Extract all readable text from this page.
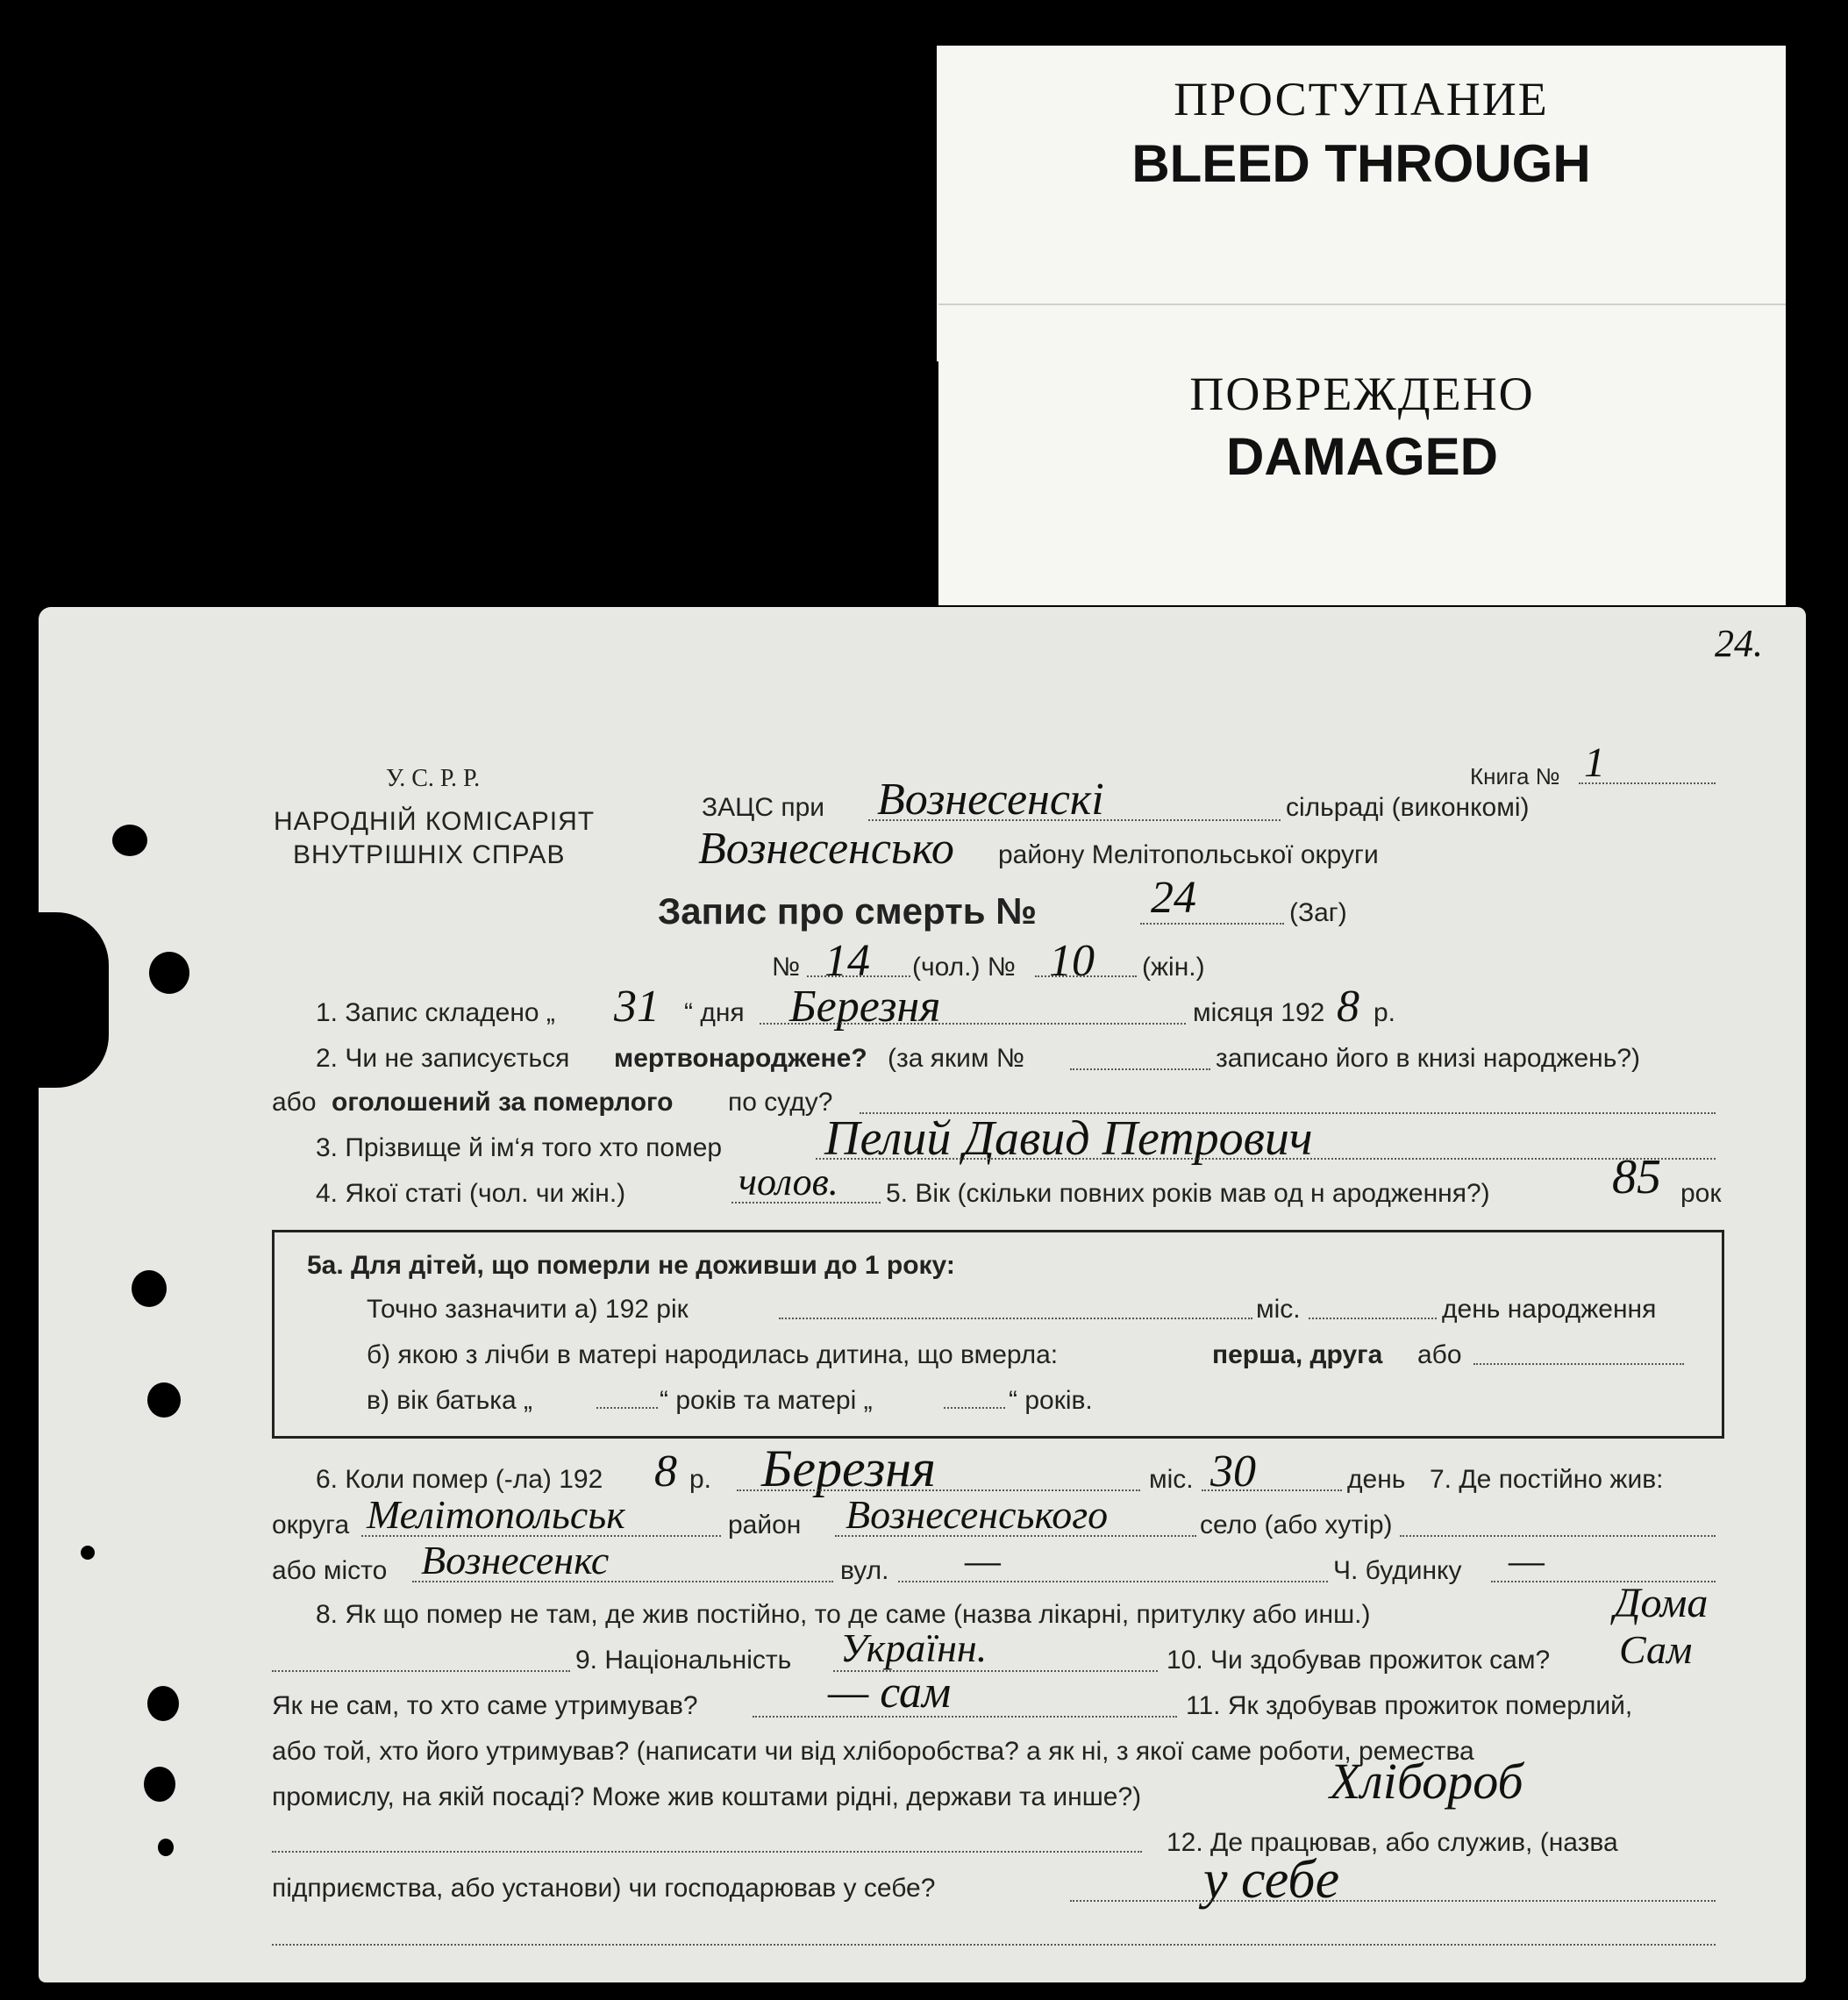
ПРОСТУПАНИЕ
BLEED THROUGH
ПОВРЕЖДЕНО
DAMAGED
24.
У. С. Р. Р.
НАРОДНІЙ КОМІСАРІЯТ
ВНУТРІШНІХ СПРАВ
Книга № 1
ЗАЦС при Вознесенскі	сільраді (виконкомі)
Вознесенсько району Мелітопольської округи
Запис про смерть №	24	(Заг)
№ 14 (чол.) № 10 (жін.)
1. Запис складено „ 31 “ дня Березня	місяця 192 8 р.
2. Чи не записується мертвонароджене? (за яким №	записано його в книзі народжень?)
або оголошений за померлого по суду?
3. Прізвище й ім‘я того хто помер Пелий Давид Петрович
4. Якої статі (чол. чи жін.)	чолов. 5. Вік (скільки повних років мав од н ародження?) 85 рок
5а. Для дітей, що померли не доживши до 1 року:
Точно зазначити а) 192 рік	міс.	день народження
б) якою з лічби в матері народилась дитина, що вмерла:	перша, друга або
в) вік батька „	“ років та матері „	“ років.
6. Коли помер (-ла) 192 8 р. Березня	міс. 30	день 7. Де постійно жив:
округа Мелітопольськ	район Вознесенського	село (або хутір)
або місто Вознесенкс	вул. —	Ч. будинку —
8. Як що помер не там, де жив постійно, то де саме (назва лікарні, притулку або инш.)	Дома
9. Національність Українн.	10. Чи здобував прожиток сам? Сам
Як не сам, то хто саме утримував?	— сам	11. Як здобував прожиток померлий,
або той, хто його утримував? (написати чи від хліборобства? а як ні, з якої саме роботи, ремества
промислу, на якій посаді? Може жив коштами рідні, держави та инше?)	Хлібороб
12. Де працював, або служив, (назва
підприємства, або установи) чи господарював у себе?	у себе
